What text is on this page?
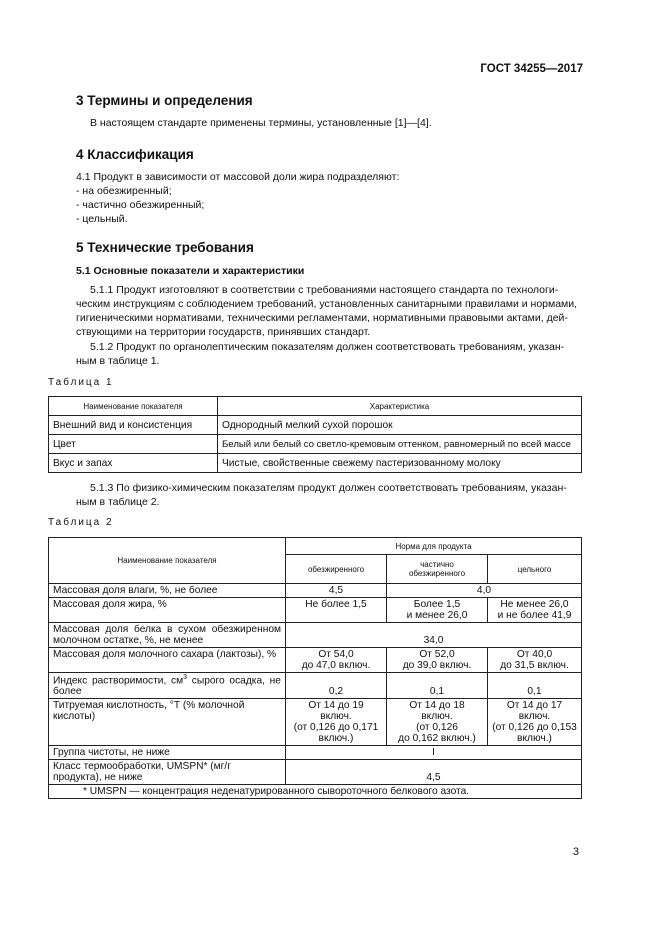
ГОСТ 34255—2017
3 Термины и определения

В настоящем стандарте применены термины, установленные [1]—[4].

4 Классификация
4.1 Продукт в зависимости от массовой доли жира подразделяют:
- на обезжиренный;
- частично обезжиренный;
- цельный.
5 Технические требования
5.1 Основные показатели и характеристики
5.1.1 Продукт изготовляют в соответствии с требованиями настоящего стандарта по технологи-
ческим инструкциям с соблюдением требований, установленных санитарными правилами и нормами,
гигиеническими нормативами, техническими регламентами, нормативными правовыми актами, дей-
ствующими на территории государств, принявших стандарт.
5.1.2 Продукт по органолептическим показателям должен соответствовать требованиям, указан-
ным в таблице 1.
Таблица 1
Наименование показателя	Характеристика
Внешний вид и консистенция	Однородный мелкий сухой порошок
Цвет	Белый или белый со светло-кремовым оттенком, равномерный по всей массе
Вкус и запах	Чистые, свойственные свежему пастеризованному молоку
5.1.3 По физико-химическим показателям продукт должен соответствовать требованиям, указан-
ным в таблице 2.
Таблица 2
Наименование показателя	Норма для продукта		
	обезжиренного	частично обезжиренного	цельного
Массовая доля влаги, %, не более	4,5	4,0	
Массовая доля жира, %	Не более 1,5	Более 1,5
и менее 26,0	Не менее 26,0
и не более 41,9

Массовая доля белка в сухом обезжиренном молочном остатке, %, не менее	34,0		
Массовая доля молочного сахара (лактозы), %	От 54,0
до 47,0 включ.	От 52,0
до 39,0 включ.	От 40,0
до 31,5 включ.

Индекс растворимости, $см^3$ сырого осадка, не более	0,2	0,1	0,1
Титруемая кислотность, °Т (% молочной кислоты)	От 14 до 19
включ.
(от 0,126 до 0,171
включ.)	От 14 до 18
включ.
(от 0,126
до 0,162 включ.)	От 14 до 17
включ.
(от 0,126 до 0,153
включ.)

Группа чистоты, не ниже	I		
Класс термообработки, UMSPN* (мг/г продукта), не ниже	4,5		
* UMSPN — концентрация неденатурированного сывороточного белкового азота.			
3
